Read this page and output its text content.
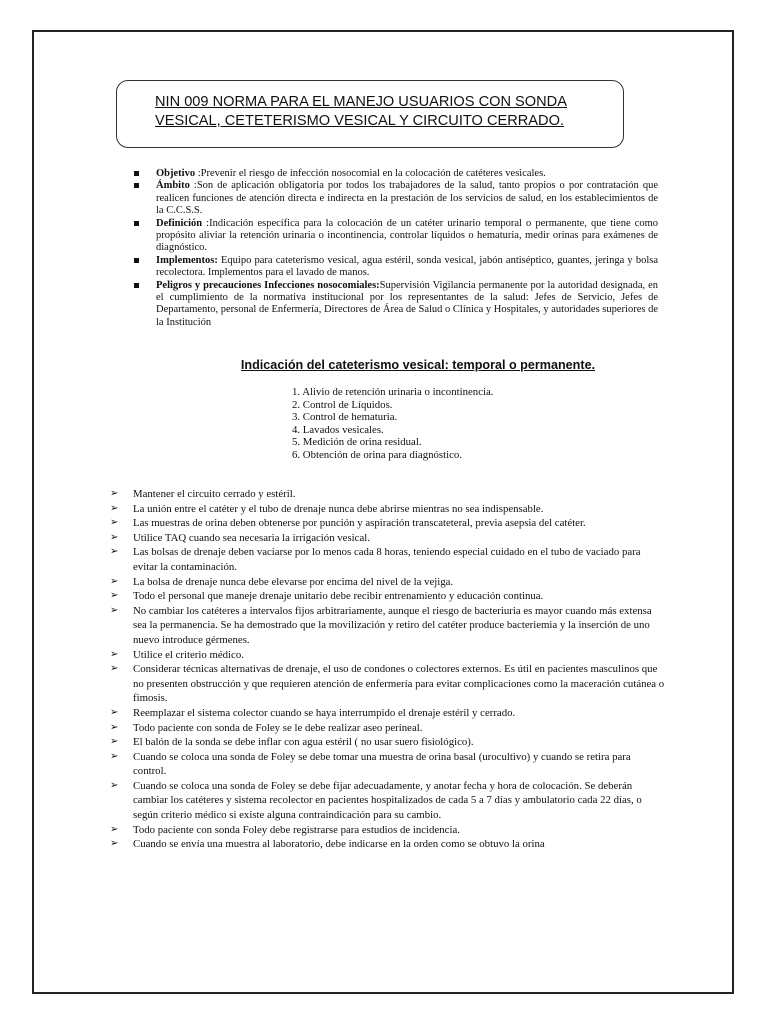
NIN 009 NORMA PARA EL MANEJO USUARIOS CON SONDA
VESICAL, CETETERISMO VESICAL Y CIRCUITO CERRADO.
Objetivo :Prevenir el riesgo de infección nosocomial en la colocación de catéteres vesicales.
Ámbito :Son de aplicación obligatoria por todos los trabajadores de la salud, tanto propios o por contratación que realicen funciones de atención directa e indirecta en la prestación de los servicios de salud, en los establecimientos de la C.C.S.S.
Definición :Indicación específica para la colocación de un catéter urinario temporal o permanente, que tiene como propósito aliviar la retención urinaria o incontinencia, controlar líquidos o hematuria, medir orinas para exámenes de diagnóstico.
Implementos: Equipo para cateterismo vesical, agua estéril, sonda vesical, jabón antiséptico, guantes, jeringa y bolsa recolectora. Implementos para el lavado de manos.
Peligros y precauciones Infecciones nosocomiales:Supervisión Vigilancia permanente por la autoridad designada, en el cumplimiento de la normativa institucional por los representantes de la salud: Jefes de Servicio, Jefes de Departamento, personal de Enfermería, Directores de Área de Salud o Clínica y Hospitales, y autoridades superiores de la Institución
Indicación del cateterismo vesical: temporal o permanente.
1. Alivio de retención urinaria o incontinencia.
2. Control de Líquidos.
3. Control de hematuria.
4. Lavados vesicales.
5. Medición de orina residual.
6. Obtención de orina para diagnóstico.
➢ Mantener el circuito cerrado y estéril.
➢ La unión entre el catéter y el tubo de drenaje nunca debe abrirse mientras no sea indispensable.
➢ Las muestras de orina deben obtenerse por punción y aspiración transcateteral, previa asepsia del catéter.
➢ Utilice TAQ cuando sea necesaria la irrigación vesical.
➢ Las bolsas de drenaje deben vaciarse por lo menos cada 8 horas, teniendo especial cuidado en el tubo de vaciado para evitar la contaminación.
➢ La bolsa de drenaje nunca debe elevarse por encima del nivel de la vejiga.
➢ Todo el personal que maneje drenaje unitario debe recibir entrenamiento y educación continua.
➢ No cambiar los catéteres a intervalos fijos arbitrariamente, aunque el riesgo de bacteriuria es mayor cuando más extensa sea la permanencia. Se ha demostrado que la movilización y retiro del catéter produce bacteriemia y la inserción de uno nuevo introduce gérmenes.
➢ Utilice el criterio médico.
➢ Considerar técnicas alternativas de drenaje, el uso de condones o colectores externos. Es útil en pacientes masculinos que no presenten obstrucción y que requieren atención de enfermería para evitar complicaciones como la maceración cutánea o fimosis.
➢ Reemplazar el sistema colector cuando se haya interrumpido el drenaje estéril y cerrado.
➢ Todo paciente con sonda de Foley se le debe realizar aseo perineal.
➢ El balón de la sonda se debe inflar con agua estéril ( no usar suero fisiológico).
➢ Cuando se coloca una sonda de Foley se debe tomar una muestra de orina basal (urocultivo) y cuando se retira para control.
➢ Cuando se coloca una sonda de Foley se debe fijar adecuadamente, y anotar fecha y hora de colocación. Se deberán cambiar los catéteres y sistema recolector en pacientes hospitalizados de cada 5 a 7 días y ambulatorio cada 22 días, o según criterio médico si existe alguna contraindicación para su cambio.
➢ Todo paciente con sonda Foley debe registrarse para estudios de incidencia.
➢ Cuando se envía una muestra al laboratorio, debe indicarse en la orden como se obtuvo la orina
